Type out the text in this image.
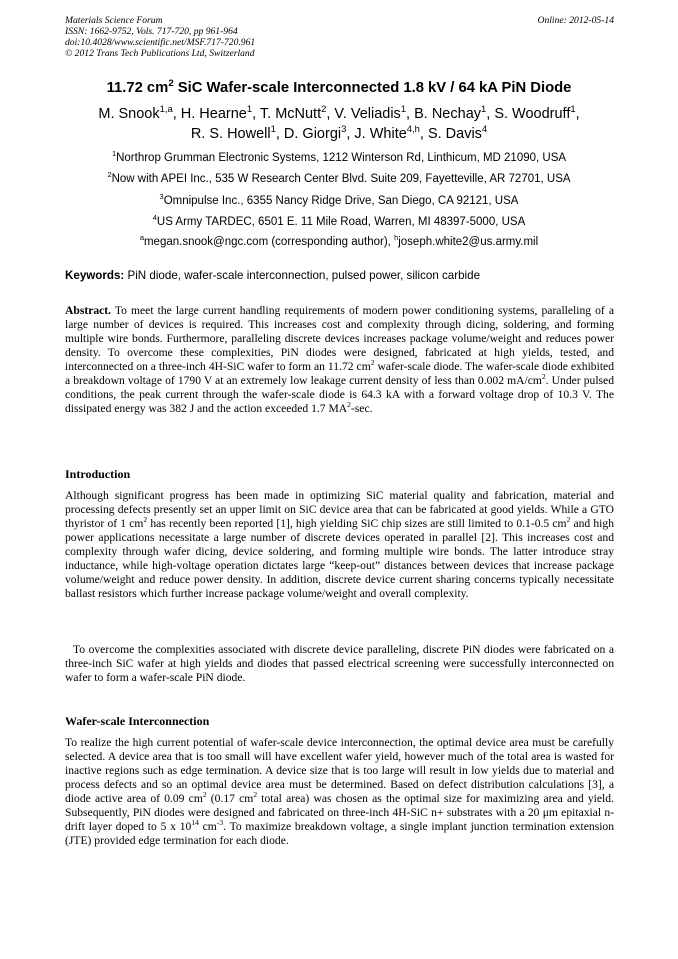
Materials Science Forum
ISSN: 1662-9752, Vols. 717-720, pp 961-964
doi:10.4028/www.scientific.net/MSF.717-720.961
© 2012 Trans Tech Publications Ltd, Switzerland
Online: 2012-05-14
11.72 $cm^2$ SiC Wafer-scale Interconnected 1.8 kV / 64 kA PiN Diode
M. Snook$^{1,a}$, H. Hearne$^1$, T. McNutt$^2$, V. Veliadis$^1$, B. Nechay$^1$, S. Woodruff$^1$,
R. S. Howell$^1$, D. Giorgi$^3$, J. White$^{4,h}$, S. Davis$^4$
$^1$Northrop Grumman Electronic Systems, 1212 Winterson Rd, Linthicum, MD 21090, USA
$^2$Now with APEI Inc., 535 W Research Center Blvd. Suite 209, Fayetteville, AR 72701, USA
$^3$Omnipulse Inc., 6355 Nancy Ridge Drive, San Diego, CA 92121, USA
$^4$US Army TARDEC, 6501 E. 11 Mile Road, Warren, MI 48397-5000, USA
$^a$megan.snook@ngc.com (corresponding author), $^h$joseph.white2@us.army.mil
Keywords: PiN diode, wafer-scale interconnection, pulsed power, silicon carbide
Abstract. To meet the large current handling requirements of modern power conditioning systems, paralleling of a large number of devices is required. This increases cost and complexity through dicing, soldering, and forming multiple wire bonds. Furthermore, paralleling discrete devices increases package volume/weight and reduces power density. To overcome these complexities, PiN diodes were designed, fabricated at high yields, tested, and interconnected on a three-inch 4H-SiC wafer to form an 11.72 $cm^2$ wafer-scale diode. The wafer-scale diode exhibited a breakdown voltage of 1790 V at an extremely low leakage current density of less than 0.002 $mA/cm^2$. Under pulsed conditions, the peak current through the wafer-scale diode is 64.3 kA with a forward voltage drop of 10.3 V. The dissipated energy was 382 J and the action exceeded 1.7 $MA^2-\sec$.
Introduction
Although significant progress has been made in optimizing SiC material quality and fabrication, material and processing defects presently set an upper limit on SiC device area that can be fabricated at good yields. While a GTO thyristor of 1 $cm^2$ has recently been reported [1], high yielding SiC chip sizes are still limited to 0.1-0.5 $cm^2$ and high power applications necessitate a large number of discrete devices operated in parallel [2]. This increases cost and complexity through wafer dicing, device soldering, and forming multiple wire bonds. The latter introduce stray inductance, while high-voltage operation dictates large “keep-out” distances between devices that increase package volume/weight and reduce power density. In addition, discrete device current sharing concerns typically necessitate ballast resistors which further increase package volume/weight and overall complexity.
To overcome the complexities associated with discrete device paralleling, discrete PiN diodes were fabricated on a three-inch SiC wafer at high yields and diodes that passed electrical screening were successfully interconnected on wafer to form a wafer-scale PiN diode.
Wafer-scale Interconnection
To realize the high current potential of wafer-scale device interconnection, the optimal device area must be carefully selected. A device area that is too small will have excellent wafer yield, however much of the total area is wasted for inactive regions such as edge termination. A device size that is too large will result in low yields due to material and process defects and so an optimal device area must be determined. Based on defect distribution calculations [3], a diode active area of 0.09 $cm^2$ (0.17 $cm^2$ total area) was chosen as the optimal size for maximizing area and yield. Subsequently, PiN diodes were designed and fabricated on three-inch 4H-SiC n+ substrates with a 20 μm epitaxial n- drift layer doped to 5 x $10^{14}$ $cm^{-3}$. To maximize breakdown voltage, a single implant junction termination extension (JTE) provided edge termination for each diode.
